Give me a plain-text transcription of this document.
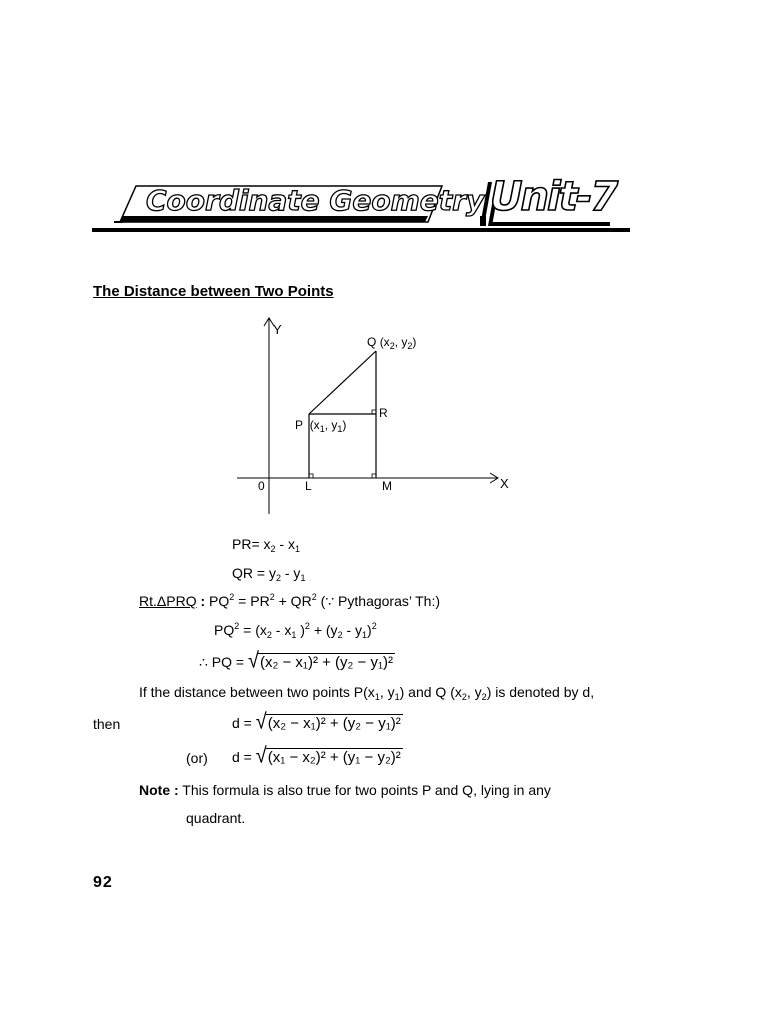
Coordinate Geometry Unit-7
The Distance between Two Points
Y
X
0	L	M
R
Q ($x_2$, $y_2$)
P ($x_1$, $y_1$)
$PR= x_2 - x_1$
QR = $y_2 - y_1$
Rt.ΔPRQ : $PQ^2 = PR^2 + QR^2$ (∵ Pythagoras’ Th:)
$PQ^2 = (x_2 - x_1$ )$^2 + (y_2 - y_1)^2$
∴ PQ = √(x₂ − x₁)² + (y₂ − y₁)²
If the distance between two points $P(x_1$, $y_1$) and Q ($x_2$, $y_2$) is denoted by d,
then	d = √(x₂ − x₁)² + (y₂ − y₁)²
(or) d = √(x₁ − x₂)² + (y₁ − y₂)²
Note : This formula is also true for two points P and Q, lying in any
quadrant.
92
